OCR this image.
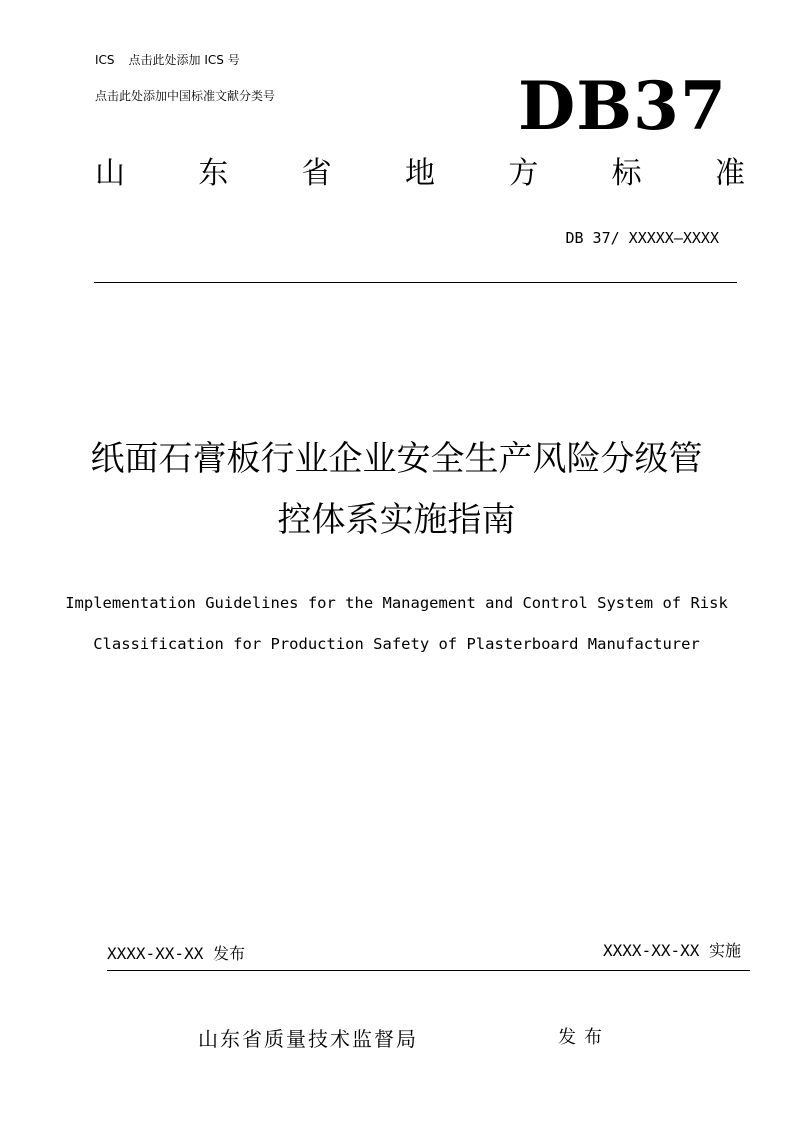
ICS 点击此处添加 ICS 号
点击此处添加中国标准文献分类号	DB37
山 东 省 地 方 标 准
DB 37/ XXXXX—XXXX
纸面石膏板行业企业安全生产风险分级管
控体系实施指南
Implementation Guidelines for the Management and Control System of Risk
Classification for Production Safety of Plasterboard Manufacturer
XXXX-XX-XX 发布	XXXX-XX-XX 实施
山东省质量技术监督局	发布
